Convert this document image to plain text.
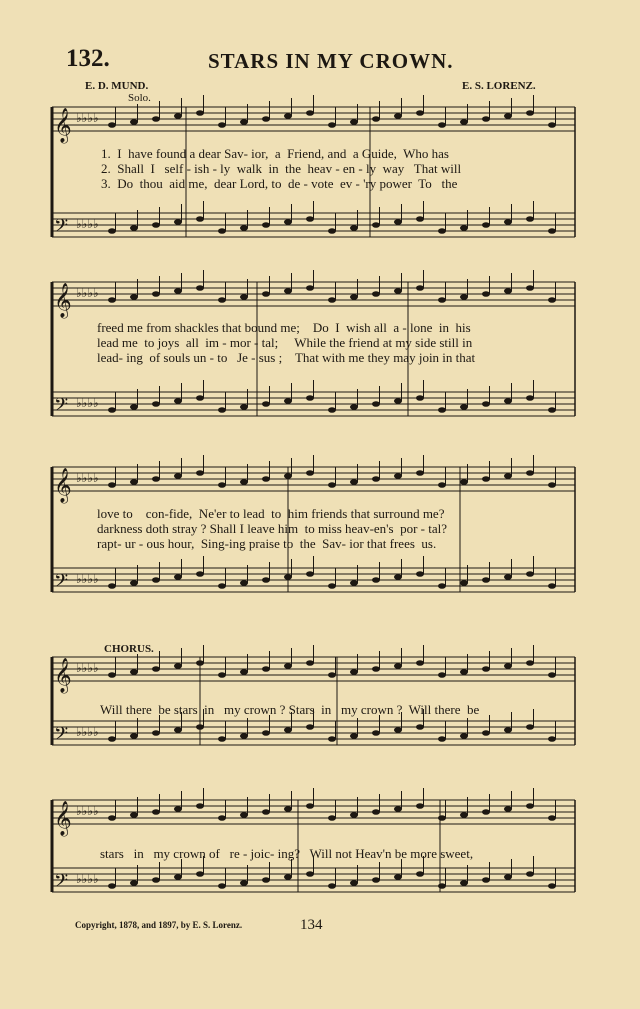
132.	STARS IN MY CROWN.
E. D. MUND.	E. S. LORENZ.
Solo.
𝄞 ♭♭♭♭
𝄢 ♭♭♭♭
𝄞 ♭♭♭♭
𝄢 ♭♭♭♭
𝄞 ♭♭♭♭
𝄢 ♭♭♭♭
𝄞 ♭♭♭♭
𝄢 ♭♭♭♭
𝄞 ♭♭♭♭
𝄢 ♭♭♭♭
1.  I  have found a dear Sav- ior,  a  Friend, and  a Guide,  Who has
2.  Shall  I   self - ish - ly  walk  in  the  heav - en - ly  way   That will
3.  Do  thou  aid me,  dear Lord, to  de - vote  ev - 'ry power  To   the
freed me from shackles that bound me;    Do  I  wish all  a - lone  in  his
lead me  to joys  all  im - mor - tal;     While the friend at my side still in
lead- ing  of souls un - to   Je - sus ;    That with me they may join in that
love to    con-fide,  Ne'er to lead  to  him friends that surround me?
darkness doth stray ? Shall I leave him  to miss heav-en's  por - tal?
rapt- ur - ous hour,  Sing-ing praise to  the  Sav- ior that frees  us.
CHORUS.
Will there  be stars  in   my crown ? Stars  in   my crown ?  Will there  be
stars   in   my crown of   re - joic- ing?   Will not Heav'n be more sweet,
Copyright, 1878, and 1897, by E. S. Lorenz.	134
